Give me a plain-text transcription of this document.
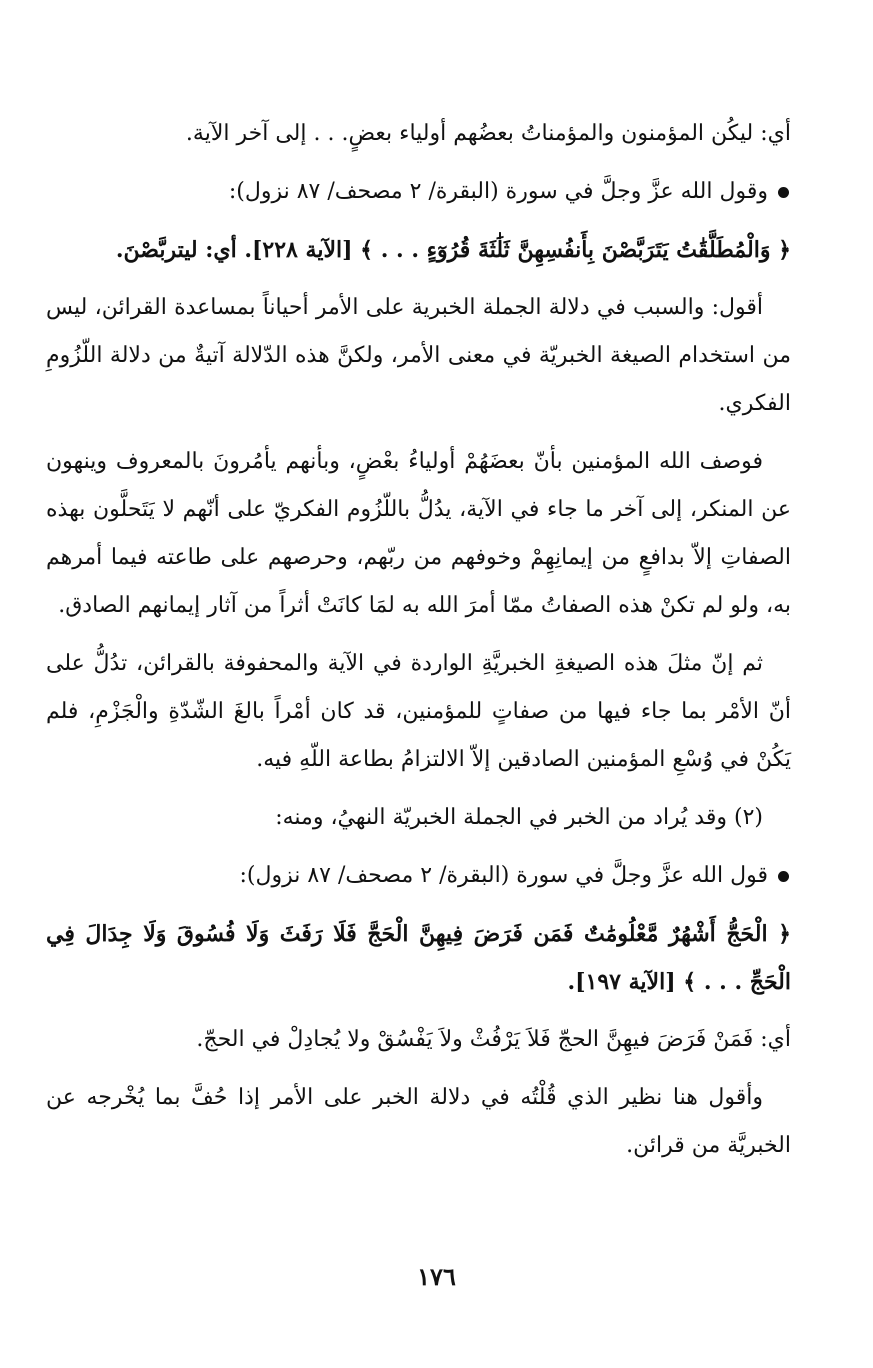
أي: ليكُن المؤمنون والمؤمناتُ بعضُهم أولياء بعضٍ. . . إلى آخر الآية.

وقول الله عزَّ وجلَّ في سورة (البقرة/ ٢ مصحف/ ٨٧ نزول):

﴿ وَالْمُطَلَّقَٰتُ يَتَرَبَّصْنَ بِأَنفُسِهِنَّ ثَلَٰثَةَ قُرُوٓءٍ . . . ﴾ [الآية ٢٢٨]. أي: ليتربَّصْنَ.

أقول: والسبب في دلالة الجملة الخبرية على الأمر أحياناً بمساعدة القرائن، ليس من استخدام الصيغة الخبريّة في معنى الأمر، ولكنَّ هذه الدّلالة آتيةٌ من دلالة اللّزُومِ الفكري.

فوصف الله المؤمنين بأنّ بعضَهُمْ أولياءُ بعْضٍ، وبأنهم يأمُرونَ بالمعروف وينهون عن المنكر، إلى آخر ما جاء في الآية، يدُلُّ باللّزُوم الفكريّ على أنّهم لا يَتَحلَّون بهذه الصفاتِ إلاّ بدافعٍ من إيمانِهِمْ وخوفهم من ربّهم، وحرصهم على طاعته فيما أمرهم به، ولو لم تكنْ هذه الصفاتُ ممّا أمرَ الله به لمَا كانَتْ أثراً من آثار إيمانهم الصادق.

ثم إنّ مثلَ هذه الصيغةِ الخبريَّةِ الواردة في الآية والمحفوفة بالقرائن، تدُلُّ على أنّ الأمْر بما جاء فيها من صفاتٍ للمؤمنين، قد كان أمْراً بالغَ الشّدّةِ والْجَزْمِ، فلم يَكُنْ في وُسْعِ المؤمنين الصادقين إلاّ الالتزامُ بطاعة اللّهِ فيه.

(٢) وقد يُراد من الخبر في الجملة الخبريّة النهيُ، ومنه:

قول الله عزَّ وجلَّ في سورة (البقرة/ ٢ مصحف/ ٨٧ نزول):

﴿ الْحَجُّ أَشْهُرٌ مَّعْلُومَٰتٌ فَمَن فَرَضَ فِيهِنَّ الْحَجَّ فَلَا رَفَثَ وَلَا فُسُوقَ وَلَا جِدَالَ فِي الْحَجِّ . . . ﴾ [الآية ١٩٧].

أي: فَمَنْ فَرَضَ فيهِنَّ الحجّ فَلاَ يَرْفُثْ ولاَ يَفْسُقْ ولا يُجادِلْ في الحجّ.

وأقول هنا نظير الذي قُلْتُه في دلالة الخبر على الأمر إذا حُفَّ بما يُخْرجه عن الخبريَّة من قرائن.

١٧٦
